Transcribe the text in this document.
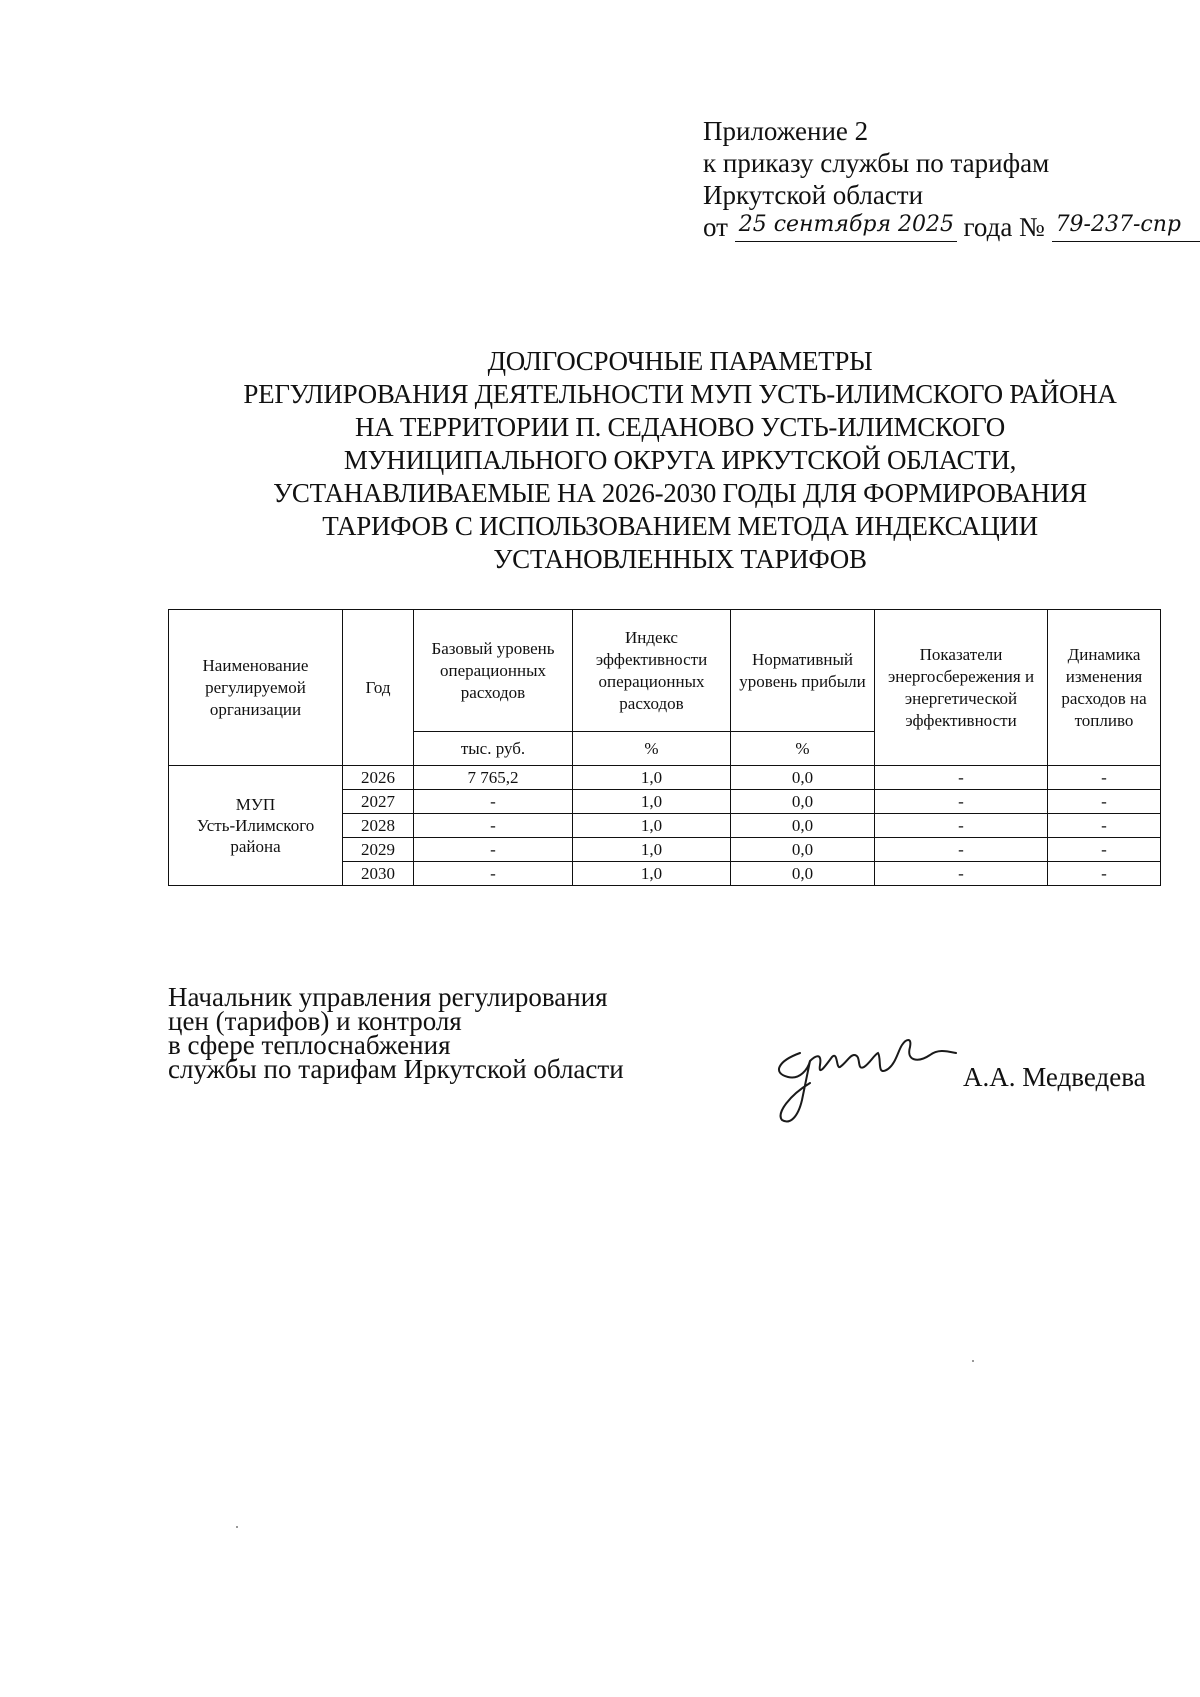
Приложение 2
к приказу службы по тарифам
Иркутской области
от 25 сентября 2025 года № 79-237-спр
ДОЛГОСРОЧНЫЕ ПАРАМЕТРЫ
РЕГУЛИРОВАНИЯ ДЕЯТЕЛЬНОСТИ МУП УСТЬ-ИЛИМСКОГО РАЙОНА
НА ТЕРРИТОРИИ П. СЕДАНОВО УСТЬ-ИЛИМСКОГО
МУНИЦИПАЛЬНОГО ОКРУГА ИРКУТСКОЙ ОБЛАСТИ,
УСТАНАВЛИВАЕМЫЕ НА 2026-2030 ГОДЫ ДЛЯ ФОРМИРОВАНИЯ
ТАРИФОВ С ИСПОЛЬЗОВАНИЕМ МЕТОДА ИНДЕКСАЦИИ
УСТАНОВЛЕННЫХ ТАРИФОВ
Наименование регулируемой организации	Год	Базовый уровень операционных расходов	Индекс эффективности операционных расходов	Нормативный уровень прибыли	Показатели энергосбережения и энергетической эффективности	Динамика изменения расходов на топливо
		тыс. руб.	%	%		

МУП
Усть-Илимского
района	2026	7 765,2	1,0	0,0	-	-
	2027	-	1,0	0,0	-	-
	2028	-	1,0	0,0	-	-
	2029	-	1,0	0,0	-	-
	2030	-	1,0	0,0	-	-
Начальник управления регулирования
цен (тарифов) и контроля
в сфере теплоснабжения
службы по тарифам Иркутской области	А.А. Медведева
